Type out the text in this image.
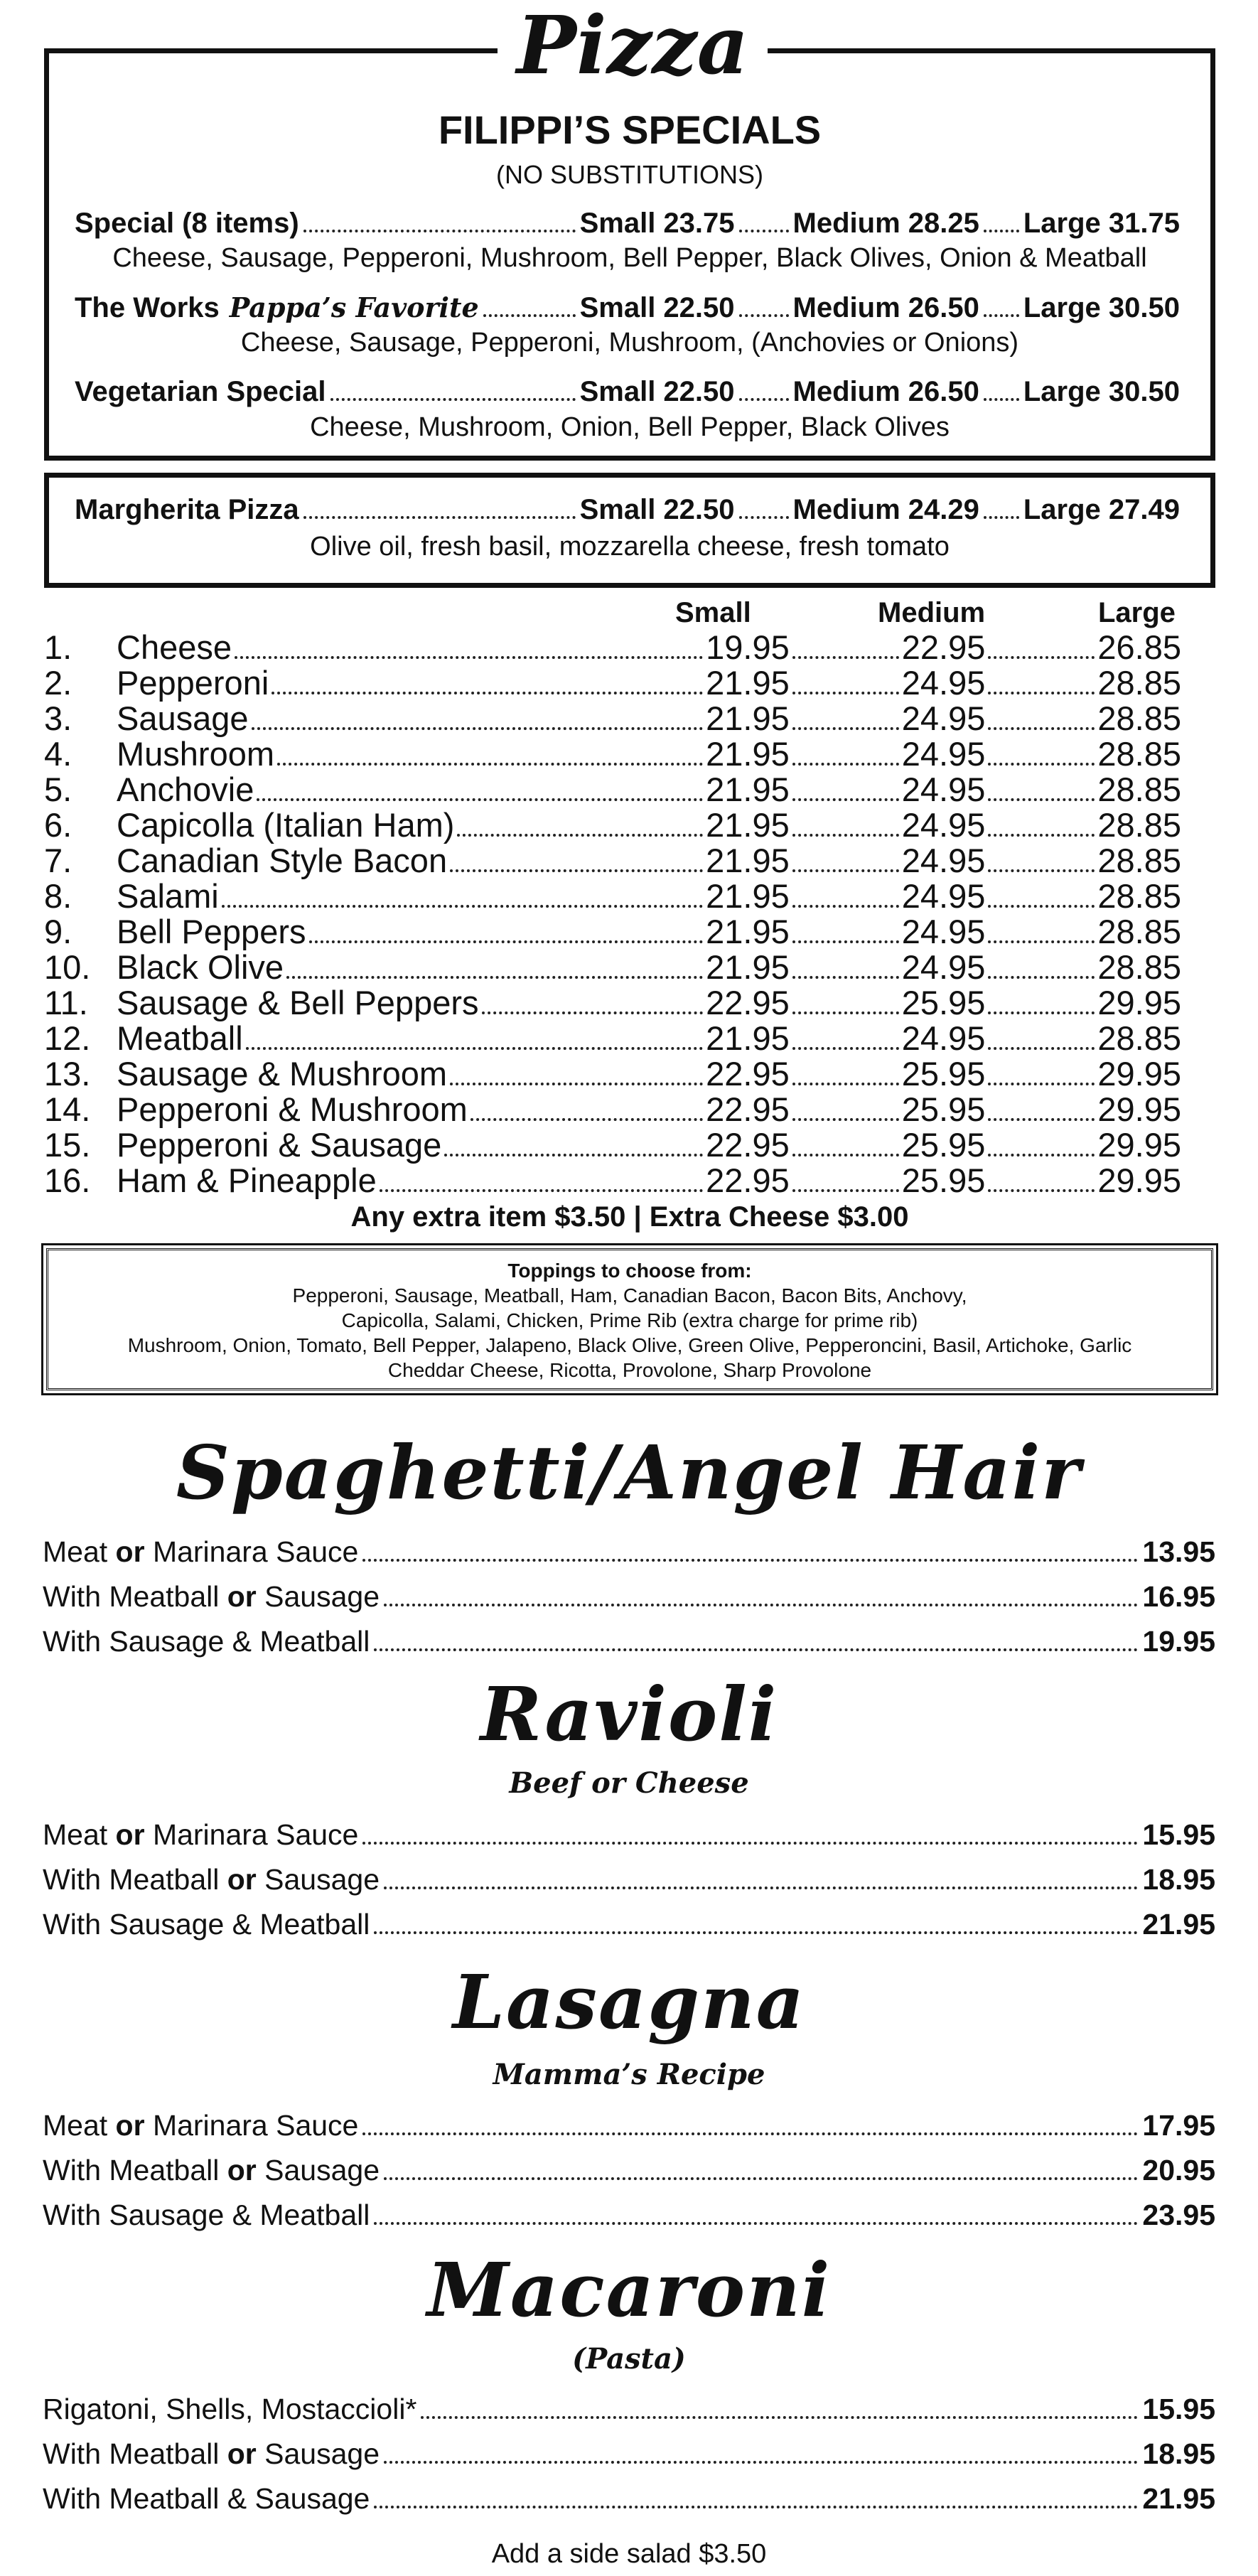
Pizza
FILIPPI’S SPECIALS
(NO SUBSTITUTIONS)
Special (8 items)	Small 23.75 Medium 28.25 Large 31.75
Cheese, Sausage, Pepperoni, Mushroom, Bell Pepper, Black Olives, Onion & Meatball
The Works Pappa’s Favorite	Small 22.50 Medium 26.50 Large 30.50
Cheese, Sausage, Pepperoni, Mushroom, (Anchovies or Onions)
Vegetarian Special	Small 22.50 Medium 26.50 Large 30.50
Cheese, Mushroom, Onion, Bell Pepper, Black Olives
Margherita Pizza	Small 22.50 Medium 24.29 Large 27.49
Olive oil, fresh basil, mozzarella cheese, fresh tomato
Small	Medium	Large
1.	Cheese	19.95	22.95	26.85
2.	Pepperoni	21.95	24.95	28.85
3.	Sausage	21.95	24.95	28.85
4.	Mushroom	21.95	24.95	28.85
5.	Anchovie	21.95	24.95	28.85
6.	Capicolla (Italian Ham)	21.95	24.95	28.85
7.	Canadian Style Bacon	21.95	24.95	28.85
8.	Salami	21.95	24.95	28.85
9.	Bell Peppers	21.95	24.95	28.85
10. Black Olive	21.95	24.95	28.85
11. Sausage & Bell Peppers	22.95	25.95	29.95
12. Meatball	21.95	24.95	28.85
13. Sausage & Mushroom	22.95	25.95	29.95
14. Pepperoni & Mushroom	22.95	25.95	29.95
15. Pepperoni & Sausage	22.95	25.95	29.95
16. Ham & Pineapple	22.95	25.95	29.95
Any extra item $3.50 | Extra Cheese $3.00
Toppings to choose from:
Pepperoni, Sausage, Meatball, Ham, Canadian Bacon, Bacon Bits, Anchovy,
Capicolla, Salami, Chicken, Prime Rib (extra charge for prime rib)
Mushroom, Onion, Tomato, Bell Pepper, Jalapeno, Black Olive, Green Olive, Pepperoncini, Basil, Artichoke, Garlic
Cheddar Cheese, Ricotta, Provolone, Sharp Provolone
Spaghetti/Angel Hair
Meat or Marinara Sauce	13.95
With Meatball or Sausage	16.95
With Sausage & Meatball	19.95
Ravioli
Beef or Cheese
Meat or Marinara Sauce	15.95
With Meatball or Sausage	18.95
With Sausage & Meatball	21.95
Lasagna
Mamma’s Recipe
Meat or Marinara Sauce	17.95
With Meatball or Sausage	20.95
With Sausage & Meatball	23.95
Macaroni
(Pasta)
Rigatoni, Shells, Mostaccioli*	15.95
With Meatball or Sausage	18.95
With Meatball & Sausage	21.95
Add a side salad $3.50
